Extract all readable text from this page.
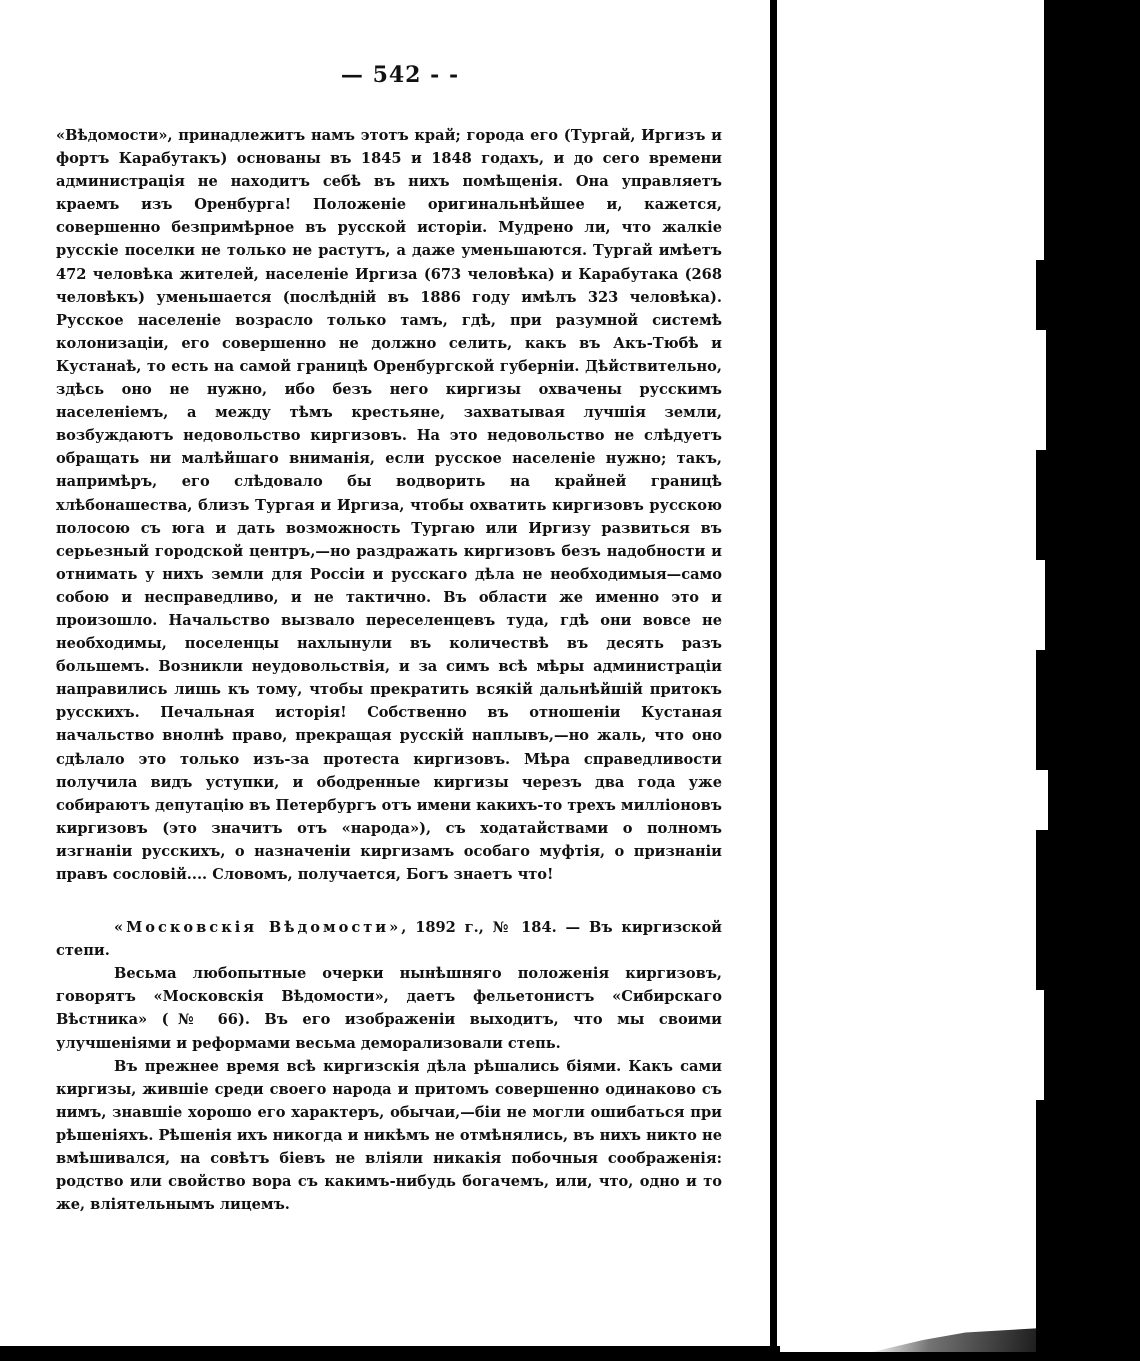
— 542 - -

«Вѣдомости», принадлежитъ намъ этотъ край; города его (Тургай, Иргизъ и фортъ Карабутакъ) основаны въ 1845 и 1848 годахъ, и до сего времени администрація не находитъ себѣ въ нихъ помѣщенія. Она управляетъ краемъ изъ Оренбурга! Положеніе оригинальнѣйшее и, кажется, совершенно безпримѣрное въ русской исторіи. Мудрено ли, что жалкіе русскіе поселки не только не растутъ, а даже уменьшаются. Тургай имѣетъ 472 человѣка жителей, населеніе Иргиза (673 человѣка) и Карабутака (268 человѣкъ) уменьшается (послѣдній въ 1886 году имѣлъ 323 человѣка). Русское населеніе возрасло только тамъ, гдѣ, при разумной системѣ колонизаціи, его совершенно не должно селить, какъ въ Акъ-Тюбѣ и Кустанаѣ, то есть на самой границѣ Оренбургской губерніи. Дѣйствительно, здѣсь оно не нужно, ибо безъ него киргизы охвачены русскимъ населеніемъ, а между тѣмъ крестьяне, захватывая лучшія земли, возбуждаютъ недовольство киргизовъ. На это недовольство не слѣдуетъ обращать ни малѣйшаго вниманія, если русское населеніе нужно; такъ, напримѣръ, его слѣдовало бы водворить на крайней границѣ хлѣбонашества, близъ Тургая и Иргиза, чтобы охватить киргизовъ русскою полосою съ юга и дать возможность Тургаю или Иргизу развиться въ серьезный городской центръ,—но раздражать киргизовъ безъ надобности и отнимать у нихъ земли для Россіи и русскаго дѣла не необходимыя—само собою и несправедливо, и не тактично. Въ области же именно это и произошло. Начальство вызвало переселенцевъ туда, гдѣ они вовсе не необходимы, поселенцы нахлынули въ количествѣ въ десять разъ большемъ. Возникли неудовольствія, и за симъ всѣ мѣры администраціи направились лишь къ тому, чтобы прекратить всякій дальнѣйшій притокъ русскихъ. Печальная исторія! Собственно въ отношеніи Кустаная начальство внолнѣ право, прекращая русскій наплывъ,—но жаль, что оно сдѣлало это только изъ-за протеста киргизовъ. Мѣра справедливости получила видъ уступки, и ободренные киргизы черезъ два года уже собираютъ депутацію въ Петербургъ отъ имени какихъ-то трехъ милліоновъ киргизовъ (это значитъ отъ «народа»), съ ходатайствами о полномъ изгнаніи русскихъ, о назначеніи киргизамъ особаго муфтія, о признаніи правъ сословій.... Словомъ, получается, Богъ знаетъ что!

«Московскія Вѣдомости», 1892 г., № 184. — Въ киргизской степи.

Весьма любопытные очерки нынѣшняго положенія киргизовъ, говорятъ «Московскія Вѣдомости», даетъ фельетонистъ «Сибирскаго Вѣстника» (№ 66). Въ его изображеніи выходитъ, что мы своими улучшеніями и реформами весьма деморализовали степь.

Въ прежнее время всѣ киргизскія дѣла рѣшались біями. Какъ сами киргизы, жившіе среди своего народа и притомъ совершенно одинаково съ нимъ, знавшіе хорошо его характеръ, обычаи,—біи не могли ошибаться при рѣшеніяхъ. Рѣшенія ихъ никогда и никѣмъ не отмѣнялись, въ нихъ никто не вмѣшивался, на совѣтъ біевъ не вліяли никакія побочныя соображенія: родство или свойство вора съ какимъ-нибудь богачемъ, или, что, одно и то же, вліятельнымъ лицемъ.
